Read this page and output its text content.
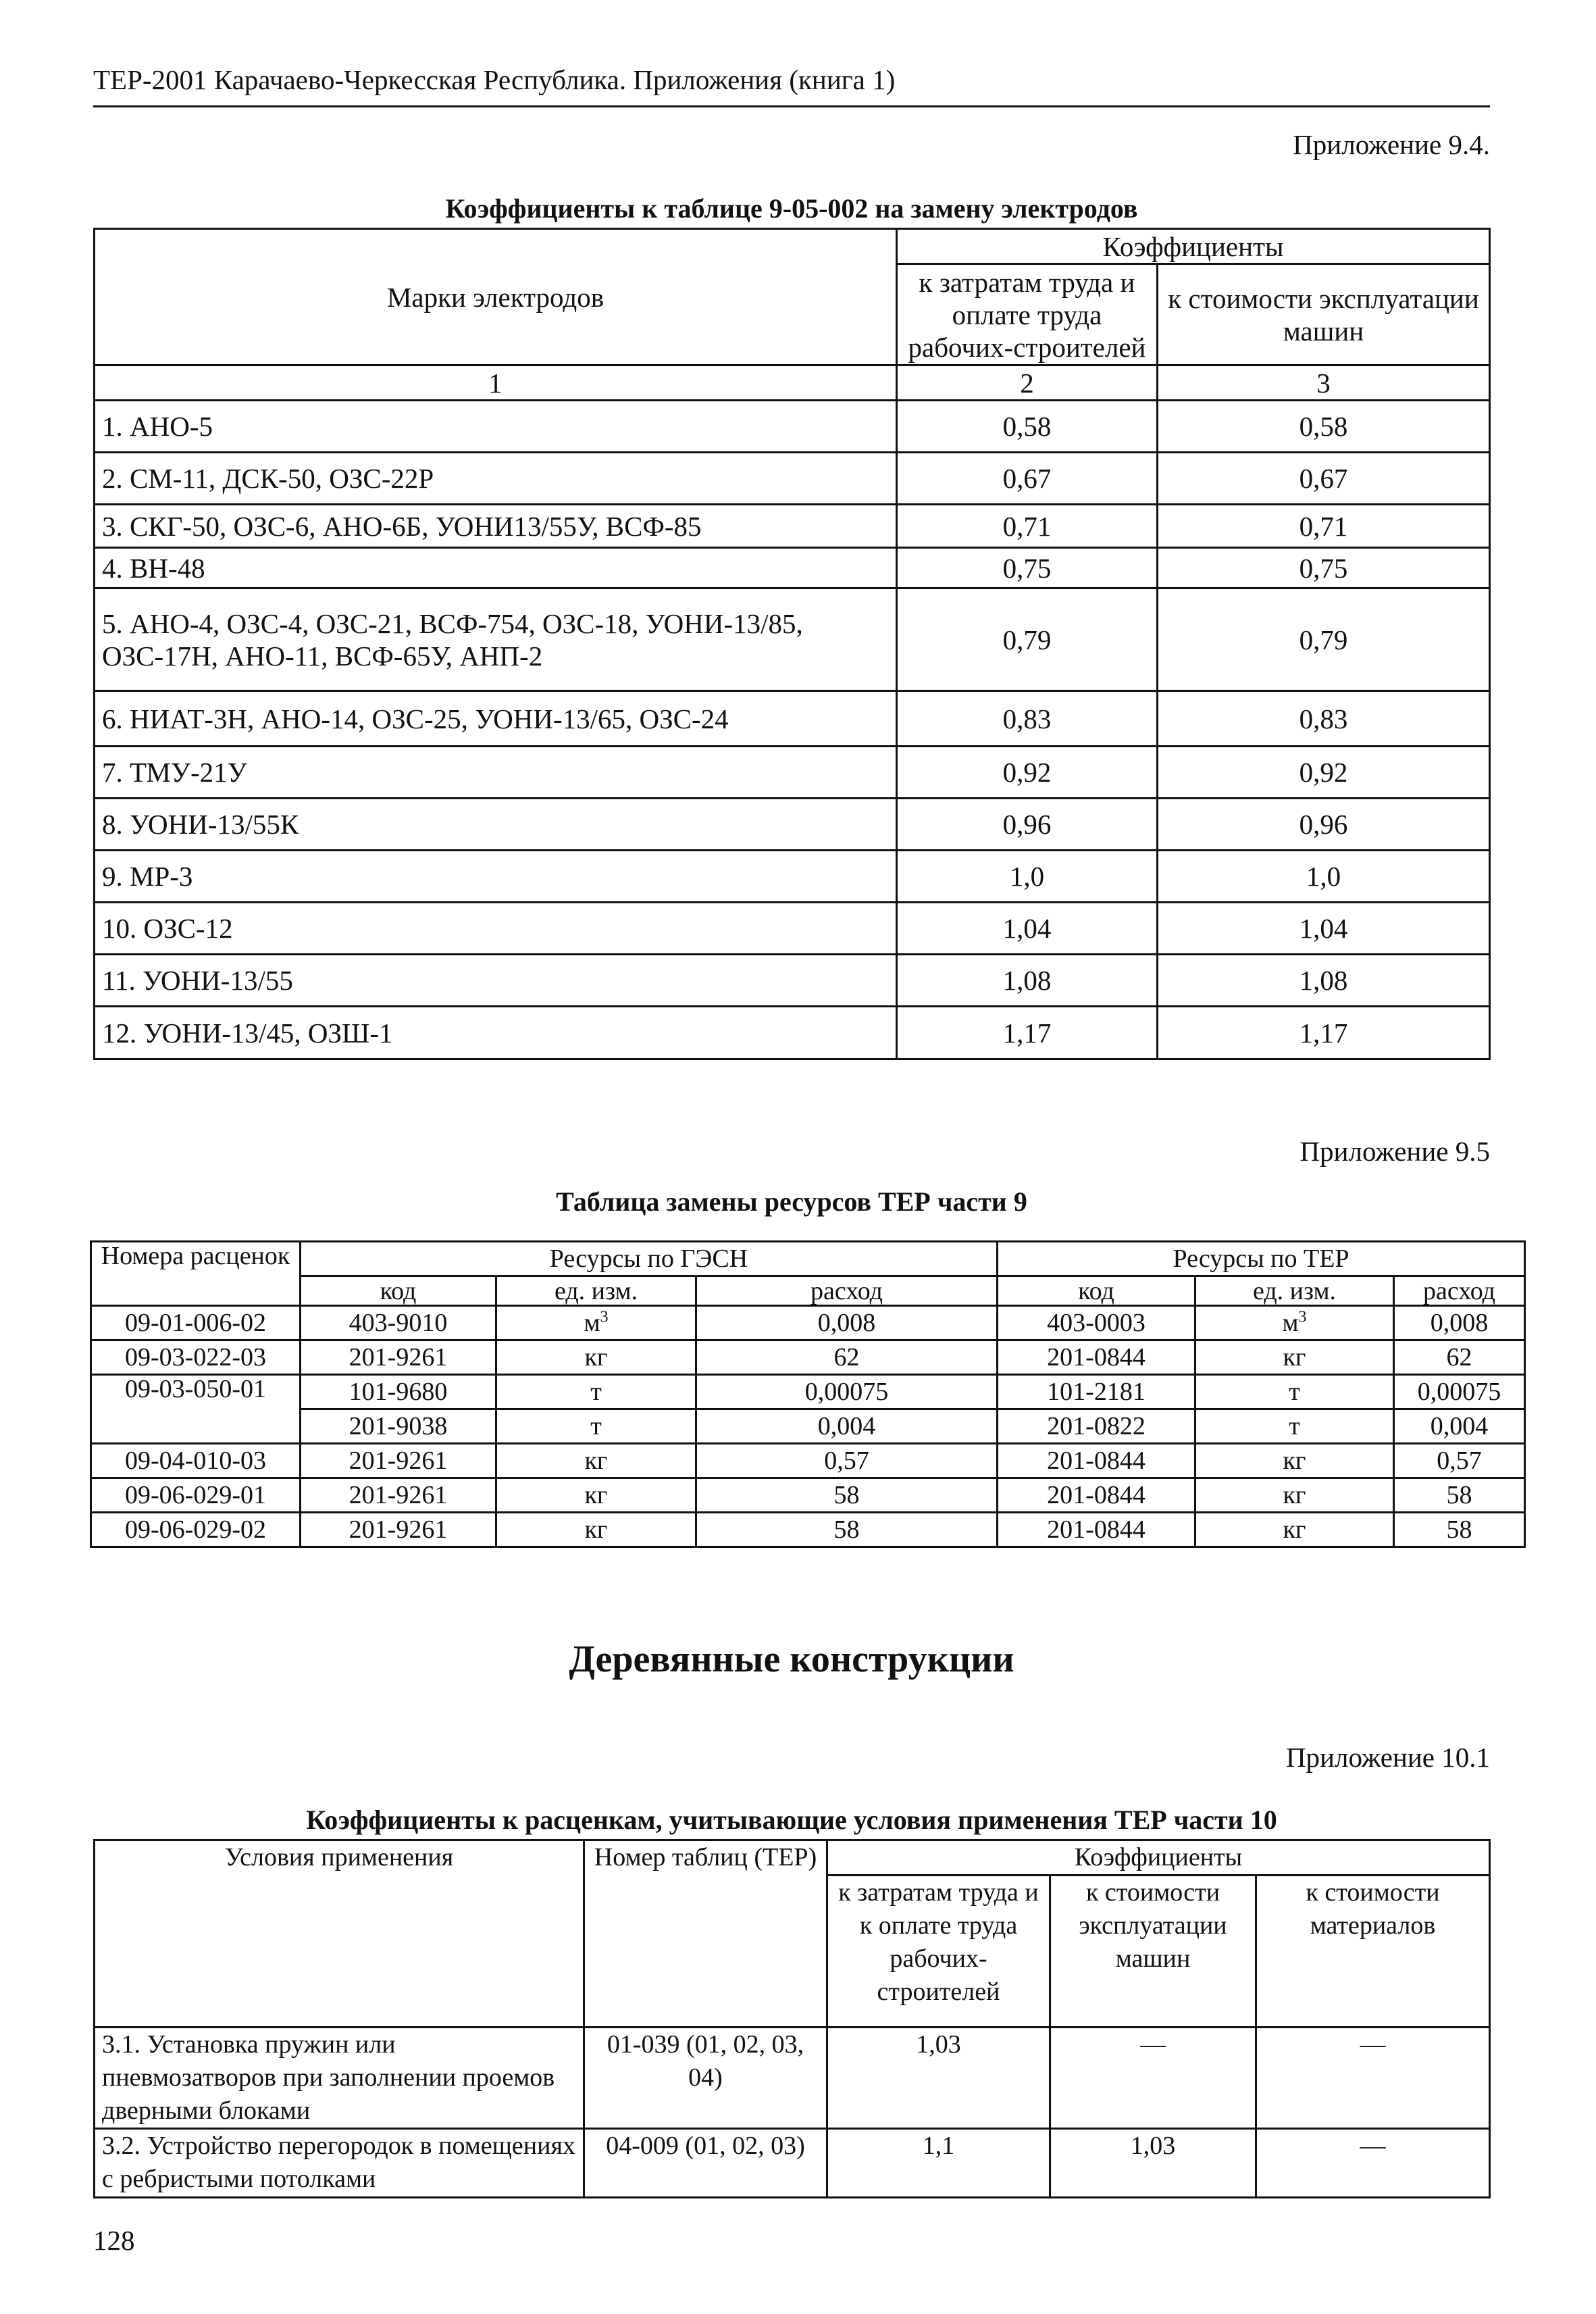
ТЕР-2001 Карачаево-Черкесская Республика. Приложения (книга 1)
Приложение 9.4.
Коэффициенты к таблице 9-05-002 на замену электродов
Марки электродов	Коэффициенты	
	к затратам труда и оплате труда рабочих-строителей	к стоимости эксплуатации машин
1	2	3
1. АНО-5	0,58	0,58
2. СМ-11, ДСК-50, ОЗС-22Р	0,67	0,67
3. СКГ-50, ОЗС-6, АНО-6Б, УОНИ13/55У, ВСФ-85	0,71	0,71
4. ВН-48	0,75	0,75
5. АНО-4, ОЗС-4, ОЗС-21, ВСФ-754, ОЗС-18, УОНИ-13/85, ОЗС-17Н, АНО-11, ВСФ-65У, АНП-2	0,79	0,79
6. НИАТ-3Н, АНО-14, ОЗС-25, УОНИ-13/65, ОЗС-24	0,83	0,83
7. ТМУ-21У	0,92	0,92
8. УОНИ-13/55К	0,96	0,96
9. МР-3	1,0	1,0
10. ОЗС-12	1,04	1,04
11. УОНИ-13/55	1,08	1,08
12. УОНИ-13/45, ОЗШ-1	1,17	1,17
Приложение 9.5
Таблица замены ресурсов ТЕР части 9
Номера расценок	Ресурсы по ГЭСН			Ресурсы по ТЕР		
	код	ед. изм.	расход	код	ед. изм.	расход
09-01-006-02	403-9010	$м^3$	0,008	403-0003	$м^3$	0,008
09-03-022-03	201-9261	кг	62	201-0844	кг	62
09-03-050-01	101-9680	т	0,00075	101-2181	т	0,00075
	201-9038	т	0,004	201-0822	т	0,004
09-04-010-03	201-9261	кг	0,57	201-0844	кг	0,57
09-06-029-01	201-9261	кг	58	201-0844	кг	58
09-06-029-02	201-9261	кг	58	201-0844	кг	58
Деревянные конструкции
Приложение 10.1
Коэффициенты к расценкам, учитывающие условия применения ТЕР части 10
Условия применения	Номер таблиц (ТЕР)	Коэффициенты		
		к затратам труда и к оплате труда рабочих-строителей	к стоимости эксплуатации машин	к стоимости материалов
3.1. Установка пружин или пневмозатворов при заполнении проемов дверными блоками	01-039 (01, 02, 03, 04)	1,03	—	—
3.2. Устройство перегородок в помещениях с ребристыми потолками	04-009 (01, 02, 03)	1,1	1,03	—
128
